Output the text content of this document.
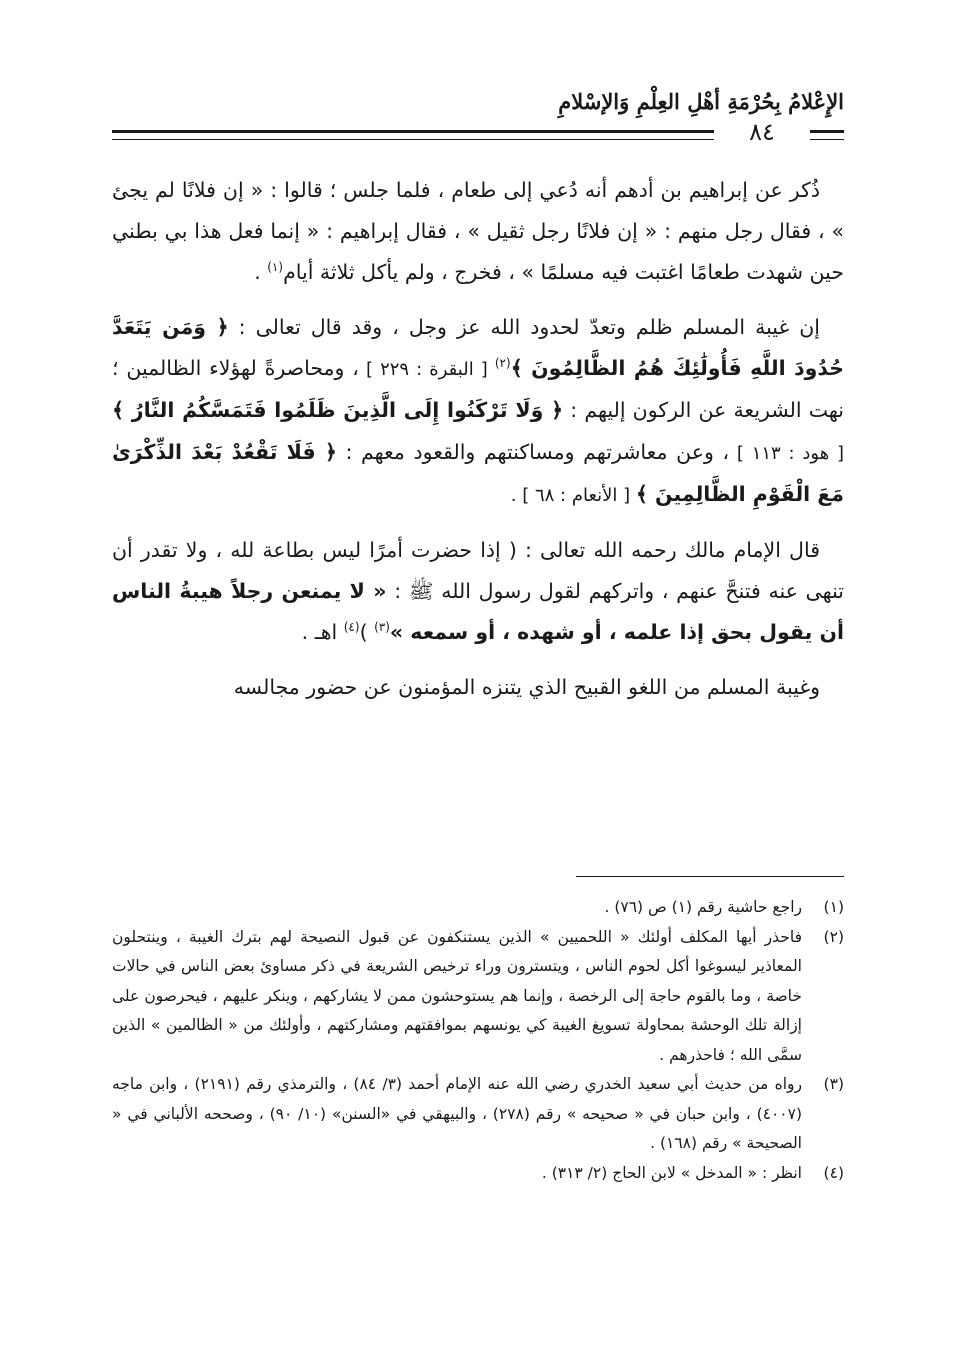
الإِعْلامُ بِحُرْمَةِ أهْلِ العِلْمِ وَالإسْلامِ
٨٤

ذُكر عن إبراهيم بن أدهم أنه دُعي إلى طعام ، فلما جلس ؛ قالوا : « إن فلانًا لم يجئ » ، فقال رجل منهم : « إن فلانًا رجل ثقيل » ، فقال إبراهيم : « إنما فعل هذا بي بطني حين شهدت طعامًا اغتبت فيه مسلمًا » ، فخرج ، ولم يأكل ثلاثة أيام$^{(١)}$ .

إن غيبة المسلم ظلم وتعدّ لحدود الله عز وجل ، وقد قال تعالى : ﴿ وَمَن يَتَعَدَّ حُدُودَ اللَّهِ فَأُولَٰئِكَ هُمُ الظَّالِمُونَ ﴾$^{(٢)}$ [ البقرة : ٢٢٩ ] ، ومحاصرةً لهؤلاء الظالمين ؛ نهت الشريعة عن الركون إليهم : ﴿ وَلَا تَرْكَنُوا إِلَى الَّذِينَ ظَلَمُوا فَتَمَسَّكُمُ النَّارُ ﴾ [ هود : ١١٣ ] ، وعن معاشرتهم ومساكنتهم والقعود معهم : ﴿ فَلَا تَقْعُدْ بَعْدَ الذِّكْرَىٰ مَعَ الْقَوْمِ الظَّالِمِينَ ﴾ [ الأنعام : ٦٨ ] .

قال الإمام مالك رحمه الله تعالى : ( إذا حضرت أمرًا ليس بطاعة لله ، ولا تقدر أن تنهى عنه فتنحَّ عنهم ، واتركهم لقول رسول الله ﷺ : « لا يمنعن رجلاً هيبةُ الناس أن يقول بحق إذا علمه ، أو شهده ، أو سمعه »$^{(٣)}$ )$^{(٤)}$ اهـ .

وغيبة المسلم من اللغو القبيح الذي يتنزه المؤمنون عن حضور مجالسه

(١)
راجع حاشية رقم (١) ص (٧٦) .

(٢)
فاحذر أيها المكلف أولئك « اللحميين » الذين يستنكفون عن قبول النصيحة لهم بترك الغيبة ، وينتحلون المعاذير ليسوغوا أكل لحوم الناس ، ويتسترون وراء ترخيص الشريعة في ذكر مساوئ بعض الناس في حالات خاصة ، وما بالقوم حاجة إلى الرخصة ، وإنما هم يستوحشون ممن لا يشاركهم ، وينكر عليهم ، فيحرصون على إزالة تلك الوحشة بمحاولة تسويغ الغيبة كي يونسهم بموافقتهم ومشاركتهم ، وأولئك من « الظالمين » الذين سمَّى الله ؛ فاحذرهم .

(٣)
رواه من حديث أبي سعيد الخدري رضي الله عنه الإمام أحمد (٣/ ٨٤) ، والترمذي رقم (٢١٩١) ، وابن ماجه (٤٠٠٧) ، وابن حبان في « صحيحه » رقم (٢٧٨) ، والبيهقي في «السنن» (١٠/ ٩٠) ، وصححه الألباني في « الصحيحة » رقم (١٦٨) .

(٤)
انظر : « المدخل » لابن الحاج (٢/ ٣١٣) .
